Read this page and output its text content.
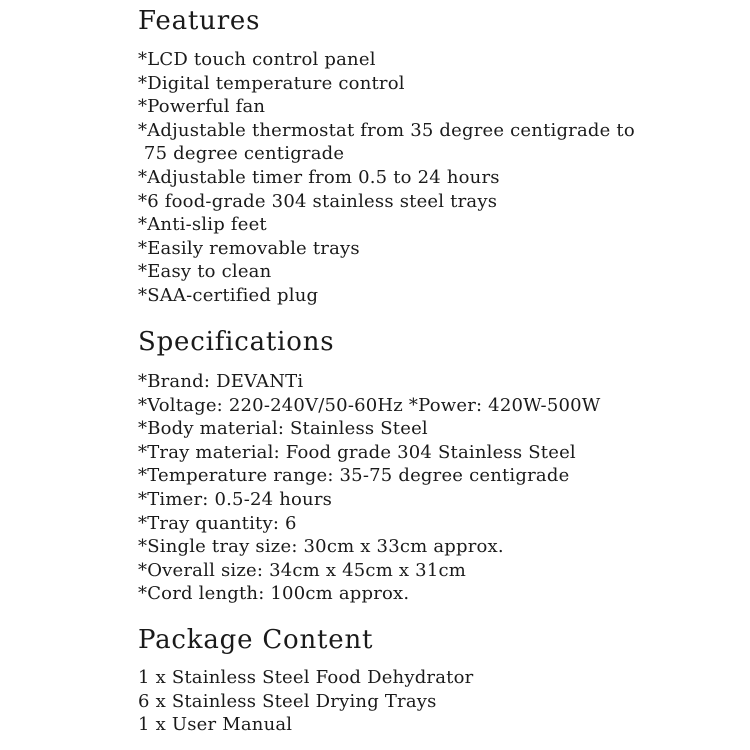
Features
*LCD touch control panel
*Digital temperature control
*Powerful fan
*Adjustable thermostat from 35 degree centigrade to
75 degree centigrade
*Adjustable timer from 0.5 to 24 hours
*6 food-grade 304 stainless steel trays
*Anti-slip feet
*Easily removable trays
*Easy to clean
*SAA-certified plug
Specifications
*Brand: DEVANTi
*Voltage: 220-240V/50-60Hz *Power: 420W-500W
*Body material: Stainless Steel
*Tray material: Food grade 304 Stainless Steel
*Temperature range: 35-75 degree centigrade
*Timer: 0.5-24 hours
*Tray quantity: 6
*Single tray size: 30cm x 33cm approx.
*Overall size: 34cm x 45cm x 31cm
*Cord length: 100cm approx.
Package Content
1 x Stainless Steel Food Dehydrator
6 x Stainless Steel Drying Trays
1 x User Manual
